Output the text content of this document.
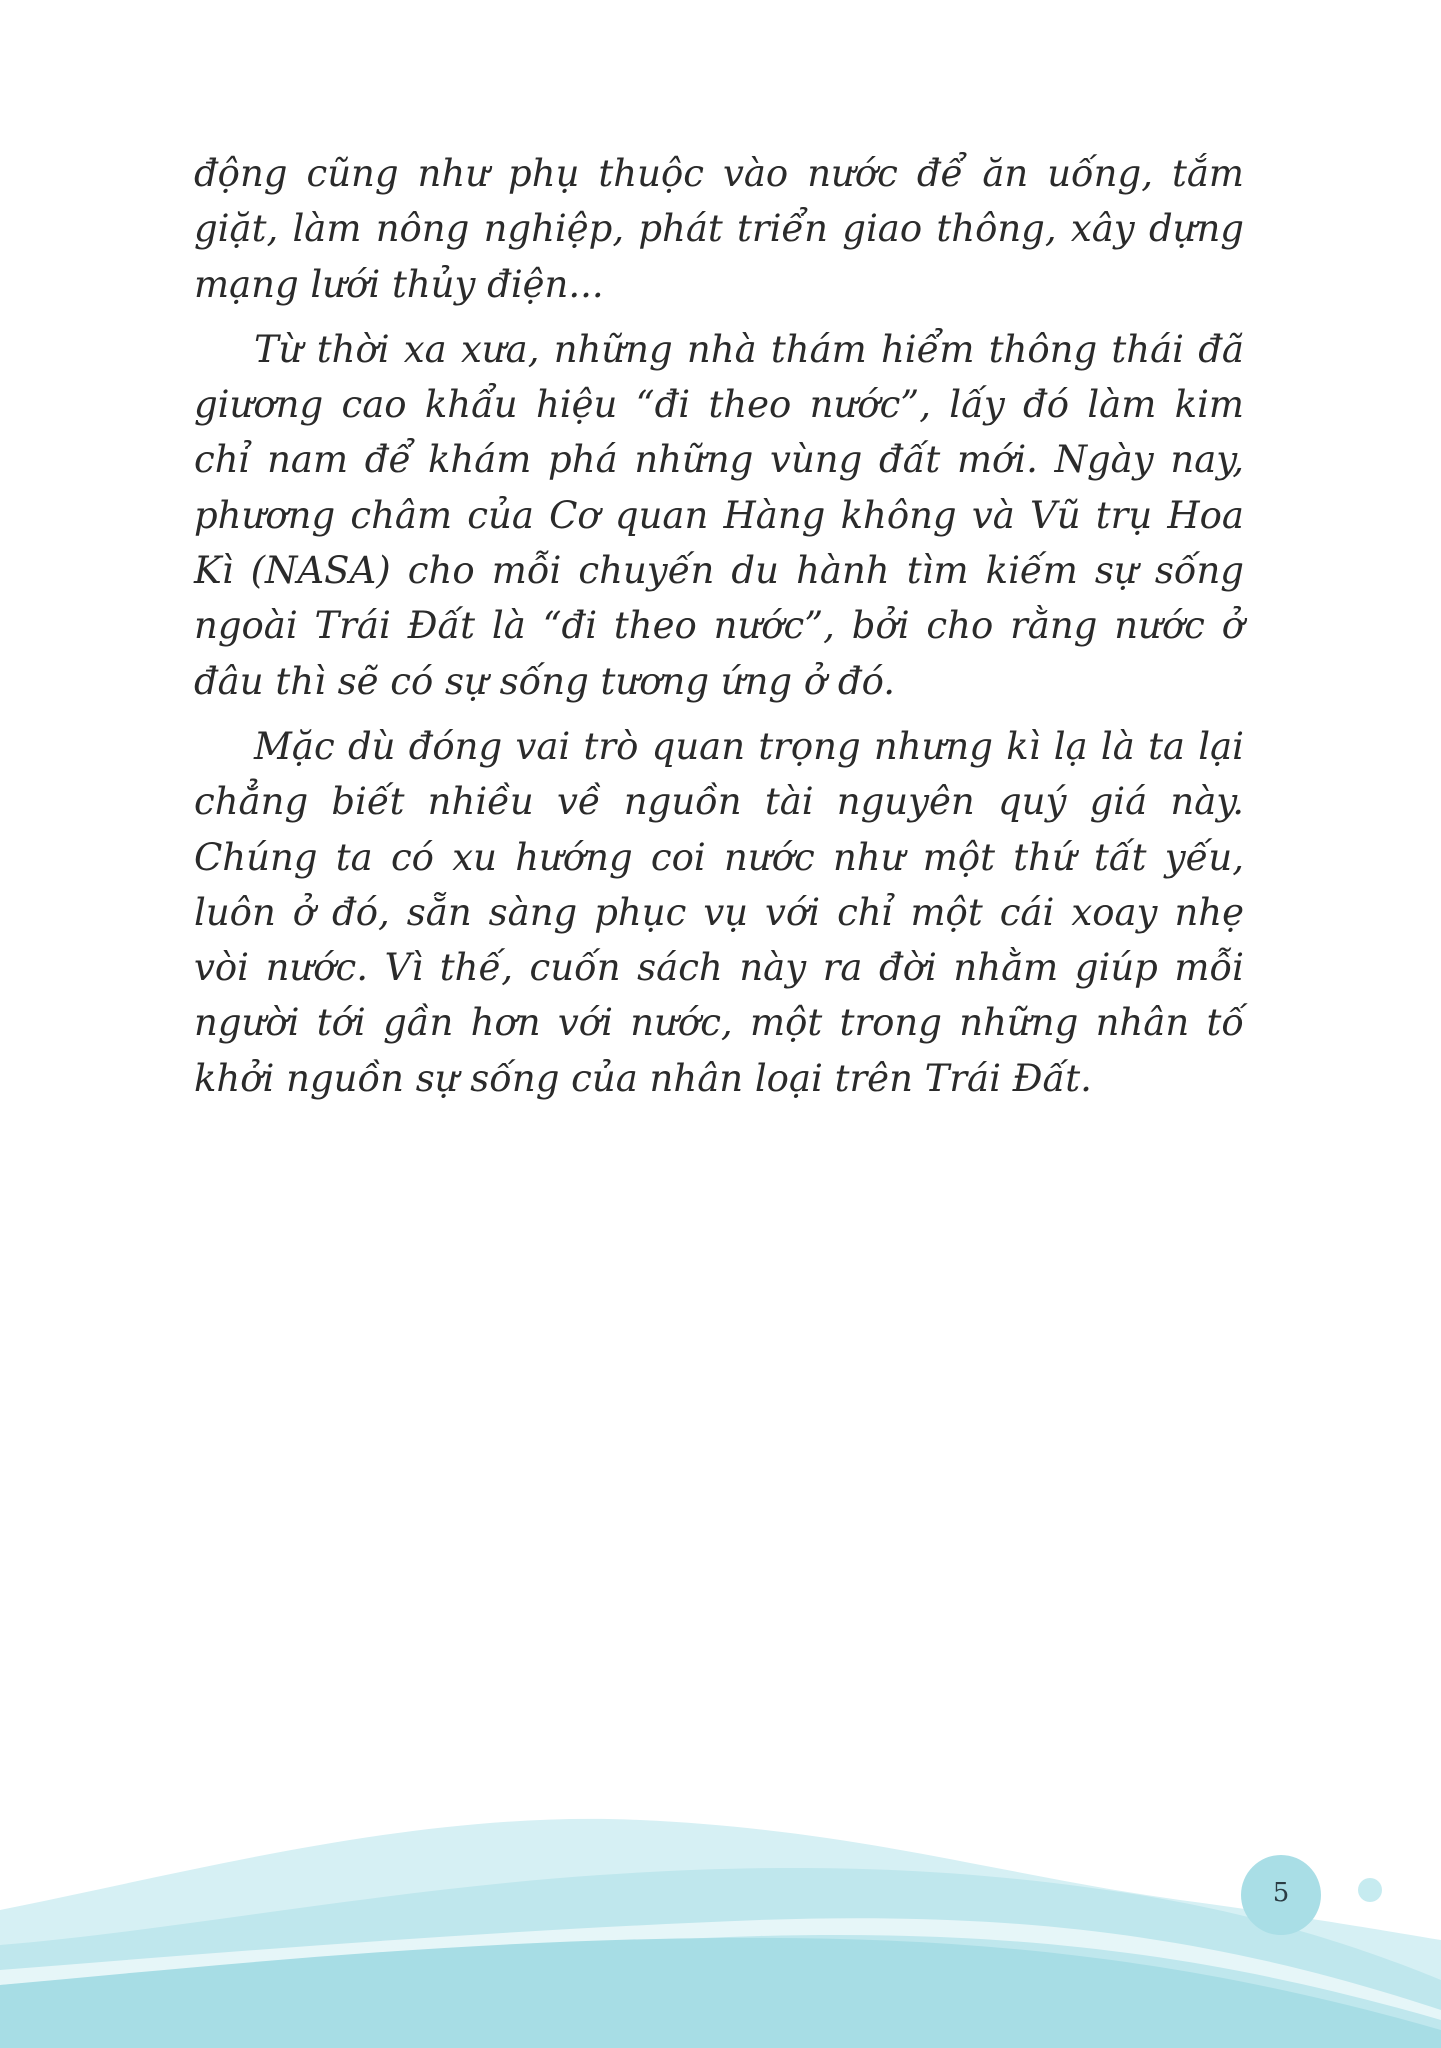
động cũng như phụ thuộc vào nước để ăn uống, tắm giặt, làm nông nghiệp, phát triển giao thông, xây dựng mạng lưới thủy điện...

Từ thời xa xưa, những nhà thám hiểm thông thái đã giương cao khẩu hiệu “đi theo nước”, lấy đó làm kim chỉ nam để khám phá những vùng đất mới. Ngày nay, phương châm của Cơ quan Hàng không và Vũ trụ Hoa Kì (NASA) cho mỗi chuyến du hành tìm kiếm sự sống ngoài Trái Đất là “đi theo nước”, bởi cho rằng nước ở đâu thì sẽ có sự sống tương ứng ở đó.

Mặc dù đóng vai trò quan trọng nhưng kì lạ là ta lại chẳng biết nhiều về nguồn tài nguyên quý giá này. Chúng ta có xu hướng coi nước như một thứ tất yếu, luôn ở đó, sẵn sàng phục vụ với chỉ một cái xoay nhẹ vòi nước. Vì thế, cuốn sách này ra đời nhằm giúp mỗi người tới gần hơn với nước, một trong những nhân tố khởi nguồn sự sống của nhân loại trên Trái Đất.

5
